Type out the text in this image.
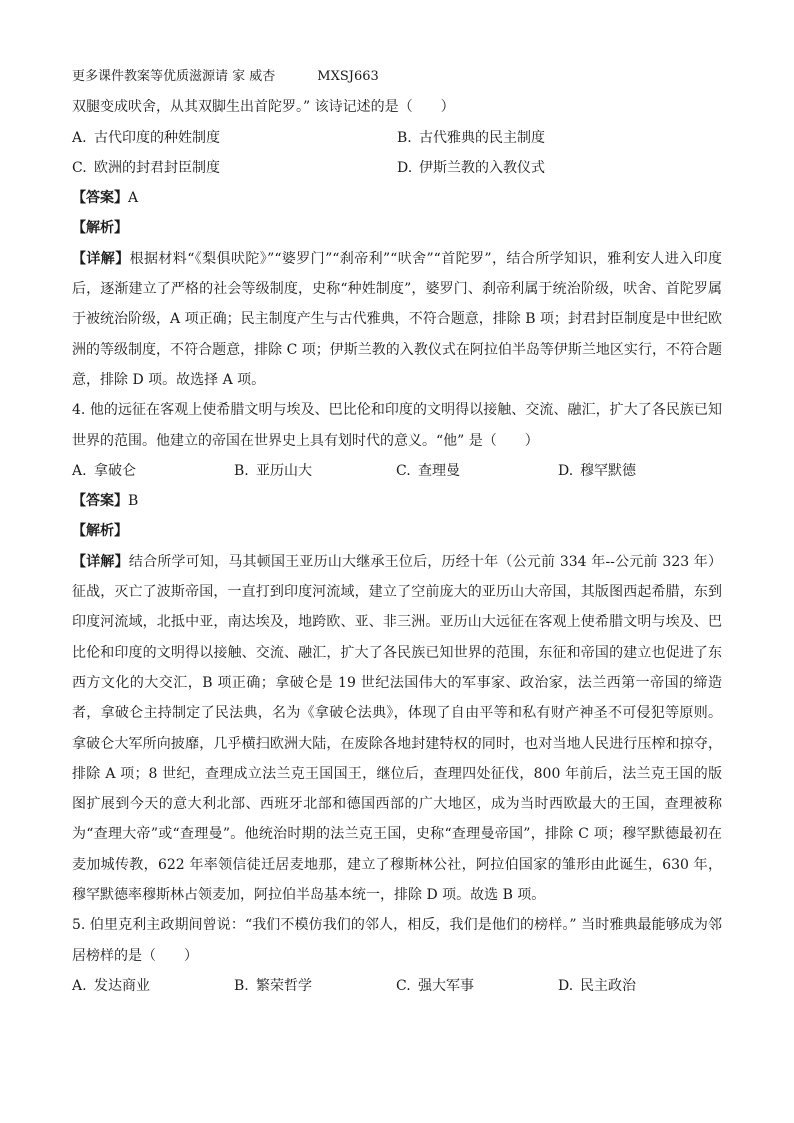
更多课件教案等优质滋源请 家 威杏	MXSJ663
双腿变成吠舍，从其双脚生出首陀罗。” 该诗记述的是（　　）
A. 古代印度的种姓制度	B. 古代雅典的民主制度
C. 欧洲的封君封臣制度	D. 伊斯兰教的入教仪式
【答案】A
【解析】
【详解】根据材料“《梨俱吠陀》”“婆罗门”“刹帝利”“吠舍”“首陀罗”，结合所学知识，雅利安人进入印度后，逐渐建立了严格的社会等级制度，史称“种姓制度”，婆罗门、刹帝利属于统治阶级，吠舍、首陀罗属于被统治阶级，A 项正确；民主制度产生与古代雅典，不符合题意，排除 B 项；封君封臣制度是中世纪欧洲的等级制度，不符合题意，排除 C 项；伊斯兰教的入教仪式在阿拉伯半岛等伊斯兰地区实行，不符合题意，排除 D 项。故选择 A 项。
4. 他的远征在客观上使希腊文明与埃及、巴比伦和印度的文明得以接触、交流、融汇，扩大了各民族已知世界的范围。他建立的帝国在世界史上具有划时代的意义。“他” 是（　　）
A. 拿破仑	B. 亚历山大	C. 查理曼	D. 穆罕默德
【答案】B
【解析】
【详解】结合所学可知，马其顿国王亚历山大继承王位后，历经十年（公元前 334 年--公元前 323 年）征战，灭亡了波斯帝国，一直打到印度河流域，建立了空前庞大的亚历山大帝国，其版图西起希腊，东到印度河流域，北抵中亚，南达埃及，地跨欧、亚、非三洲。亚历山大远征在客观上使希腊文明与埃及、巴比伦和印度的文明得以接触、交流、融汇，扩大了各民族已知世界的范围，东征和帝国的建立也促进了东西方文化的大交汇，B 项正确；拿破仑是 19 世纪法国伟大的军事家、政治家，法兰西第一帝国的缔造者，拿破仑主持制定了民法典，名为《拿破仑法典》，体现了自由平等和私有财产神圣不可侵犯等原则。拿破仑大军所向披靡，几乎横扫欧洲大陆，在废除各地封建特权的同时，也对当地人民进行压榨和掠夺，排除 A 项；8 世纪，查理成立法兰克王国国王，继位后，查理四处征伐，800 年前后，法兰克王国的版图扩展到今天的意大利北部、西班牙北部和德国西部的广大地区，成为当时西欧最大的王国，查理被称为“查理大帝”或“查理曼”。他统治时期的法兰克王国，史称“查理曼帝国”，排除 C 项；穆罕默德最初在麦加城传教，622 年率领信徒迁居麦地那，建立了穆斯林公社，阿拉伯国家的雏形由此诞生，630 年，穆罕默德率穆斯林占领麦加，阿拉伯半岛基本统一，排除 D 项。故选 B 项。
5. 伯里克利主政期间曾说：“我们不模仿我们的邻人，相反，我们是他们的榜样。” 当时雅典最能够成为邻居榜样的是（　　）
A. 发达商业	B. 繁荣哲学	C. 强大军事	D. 民主政治
